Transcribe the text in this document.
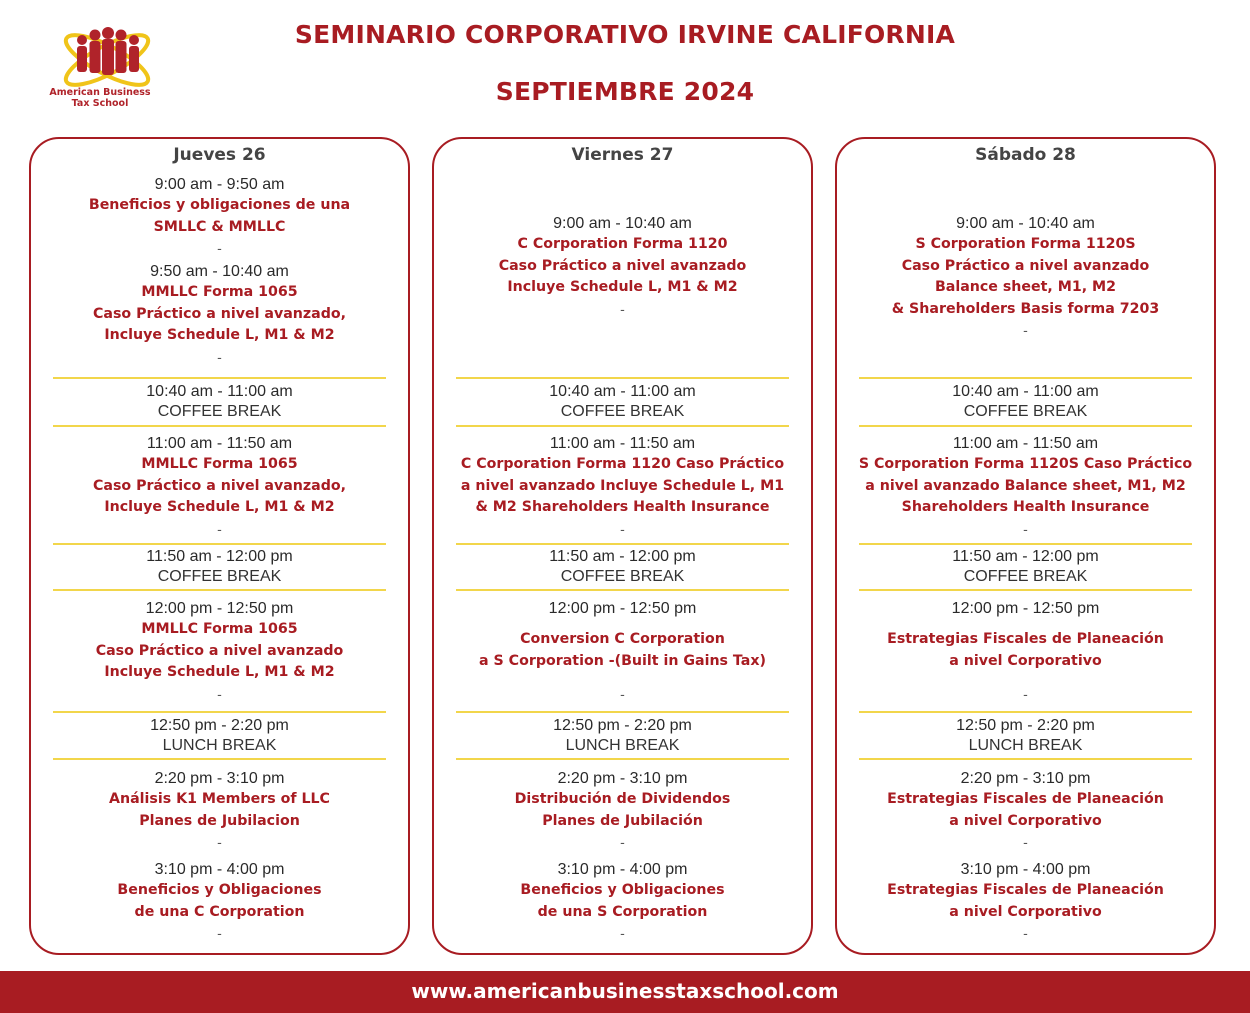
American Business
Tax School
SEMINARIO CORPORATIVO IRVINE CALIFORNIA
SEPTIEMBRE 2024
Jueves 26
9:00 am - 9:50 am
Beneficios y obligaciones de una
SMLLC & MMLLC
-
9:50 am - 10:40 am
MMLLC Forma 1065
Caso Práctico a nivel avanzado,
Incluye Schedule L, M1 & M2
-
11:00 am - 11:50 am
MMLLC Forma 1065
Caso Práctico a nivel avanzado,
Incluye Schedule L, M1 & M2
-
12:00 pm - 12:50 pm
MMLLC Forma 1065
Caso Práctico a nivel avanzado
Incluye Schedule L, M1 & M2
-
2:20 pm - 3:10 pm
Análisis K1 Members of LLC
Planes de Jubilacion
-
3:10 pm - 4:00 pm
Beneficios y Obligaciones
de una C Corporation
-
10:40 am - 11:00 am
COFFEE BREAK
11:50 am - 12:00 pm
COFFEE BREAK
12:50 pm - 2:20 pm
LUNCH BREAK
Viernes 27
9:00 am - 10:40 am
C Corporation Forma 1120
Caso Práctico a nivel avanzado
Incluye Schedule L, M1 & M2
-
11:00 am - 11:50 am
C Corporation Forma 1120 Caso Práctico
a nivel avanzado Incluye Schedule L, M1
& M2 Shareholders Health Insurance
-
12:00 pm - 12:50 pm
Conversion C Corporation
a S Corporation -(Built in Gains Tax)
-
2:20 pm - 3:10 pm
Distribución de Dividendos
Planes de Jubilación
-
3:10 pm - 4:00 pm
Beneficios y Obligaciones
de una S Corporation
-
10:40 am - 11:00 am
COFFEE BREAK
11:50 am - 12:00 pm
COFFEE BREAK
12:50 pm - 2:20 pm
LUNCH BREAK
Sábado 28
9:00 am - 10:40 am
S Corporation Forma 1120S
Caso Práctico a nivel avanzado
Balance sheet, M1, M2
& Shareholders Basis forma 7203
-
11:00 am - 11:50 am
S Corporation Forma 1120S Caso Práctico
a nivel avanzado Balance sheet, M1, M2
Shareholders Health Insurance
-
12:00 pm - 12:50 pm
Estrategias Fiscales de Planeación
a nivel Corporativo
-
2:20 pm - 3:10 pm
Estrategias Fiscales de Planeación
a nivel Corporativo
-
3:10 pm - 4:00 pm
Estrategias Fiscales de Planeación
a nivel Corporativo
-
10:40 am - 11:00 am
COFFEE BREAK
11:50 am - 12:00 pm
COFFEE BREAK
12:50 pm - 2:20 pm
LUNCH BREAK
www.americanbusinesstaxschool.com
